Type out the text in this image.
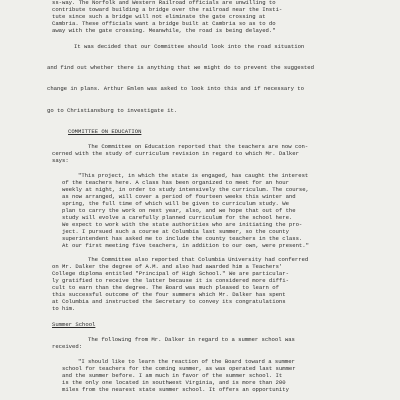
ss-way. The Norfolk and Western Railroad officials are unwilling to
contribute toward building a bridge over the railroad near the Insti-
tute since such a bridge will not eliminate the gate crossing at
Cambria. These officials want a bridge built at Cambria so as to do
away with the gate crossing. Meanwhile, the road is being delayed."
It was decided that our Committee should look into the road situation
and find out whether there is anything that we might do to prevent the suggested
change in plans. Arthur Emlen was asked to look into this and if necessary to
go to Christiansburg to investigate it.
COMMITTEE ON EDUCATION
The Committee on Education reported that the teachers are now con-
cerned with the study of curriculum revision in regard to which Mr. Dalker
says:
"This project, in which the state is engaged, has caught the interest
of the teachers here. A class has been organized to meet for an hour
weekly at night, in order to study intensively the curriculum. The course,
as now arranged, will cover a period of fourteen weeks this winter and
spring, the full time of which will be given to curriculum study. We
plan to carry the work on next year, also, and we hope that out of the
study will evolve a carefully planned curriculum for the school here.
We expect to work with the state authorities who are initiating the pro-
ject. I pursued such a course at Columbia last summer, so the county
superintendent has asked me to include the county teachers in the class.
At our first meeting five teachers, in addition to our own, were present."
The Committee also reported that Columbia University had conferred
on Mr. Dalker the degree of A.M. and also had awarded him a Teachers'
College diploma entitled "Principal of High School." We are particular-
ly gratified to receive the latter because it is considered more diffi-
cult to earn than the degree. The Board was much pleased to learn of
this successful outcome of the four summers which Mr. Dalker has spent
at Columbia and instructed the Secretary to convey its congratulations
to him.
Summer School
The following from Mr. Dalker in regard to a summer school was
received:
"I should like to learn the reaction of the Board toward a summer
school for teachers for the coming summer, as was operated last summer
and the summer before. I am much in favor of the summer school. It
is the only one located in southwest Virginia, and is more than 200
miles from the nearest state summer school. It offers an opportunity
